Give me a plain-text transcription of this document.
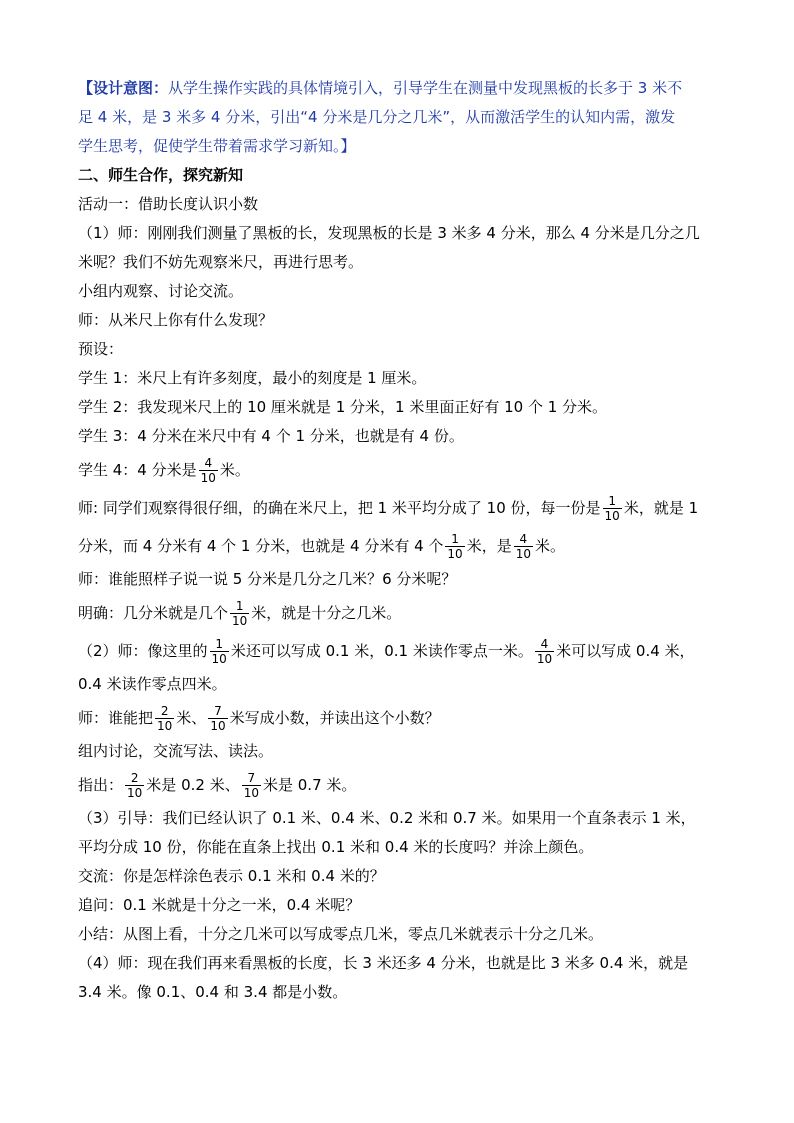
【设计意图：从学生操作实践的具体情境引入，引导学生在测量中发现黑板的长多于 3 米不
足 4 米，是 3 米多 4 分米，引出“4 分米是几分之几米”，从而激活学生的认知内需，激发
学生思考，促使学生带着需求学习新知。】

二、师生合作，探究新知

活动一：借助长度认识小数

（1）师：刚刚我们测量了黑板的长，发现黑板的长是 3 米多 4 分米，那么 4 分米是几分之几
米呢？我们不妨先观察米尺，再进行思考。

小组内观察、讨论交流。

师：从米尺上你有什么发现？

预设：

学生 1：米尺上有许多刻度，最小的刻度是 1 厘米。

学生 2：我发现米尺上的 10 厘米就是 1 分米，1 米里面正好有 10 个 1 分米。

学生 3：4 分米在米尺中有 4 个 1 分米，也就是有 4 份。

学生 4：4 分米是 $\frac{4}{10}$ 米。
师: 同学们观察得很仔细，的确在米尺上，把 1 米平均分成了 10 份，每一份是 $\frac{1}{10}$ 米，就是 1
分米，而 4 分米有 4 个 1 分米，也就是 4 分米有 4 个 $\frac{1}{10}$ 米，是 $\frac{4}{10}$ 米。

师：谁能照样子说一说 5 分米是几分之几米？6 分米呢？

明确：几分米就是几个 $\frac{1}{10}$ 米，就是十分之几米。
（2）师：像这里的 $\frac{1}{10}$ 米还可以写成 0.1 米，0.1 米读作零点一米。 $\frac{4}{10}$ 米可以写成 0.4 米，

0.4 米读作零点四米。

师：谁能把 $\frac{2}{10}$ 米、 $\frac{7}{10}$ 米写成小数，并读出这个小数？

组内讨论，交流写法、读法。

指出： $\frac{2}{10}$ 米是 0.2 米、 $\frac{7}{10}$ 米是 0.7 米。

（3）引导：我们已经认识了 0.1 米、0.4 米、0.2 米和 0.7 米。如果用一个直条表示 1 米，
平均分成 10 份，你能在直条上找出 0.1 米和 0.4 米的长度吗？并涂上颜色。

交流：你是怎样涂色表示 0.1 米和 0.4 米的？

追问：0.1 米就是十分之一米，0.4 米呢？

小结：从图上看，十分之几米可以写成零点几米，零点几米就表示十分之几米。

（4）师：现在我们再来看黑板的长度，长 3 米还多 4 分米，也就是比 3 米多 0.4 米，就是
3.4 米。像 0.1、0.4 和 3.4 都是小数。
